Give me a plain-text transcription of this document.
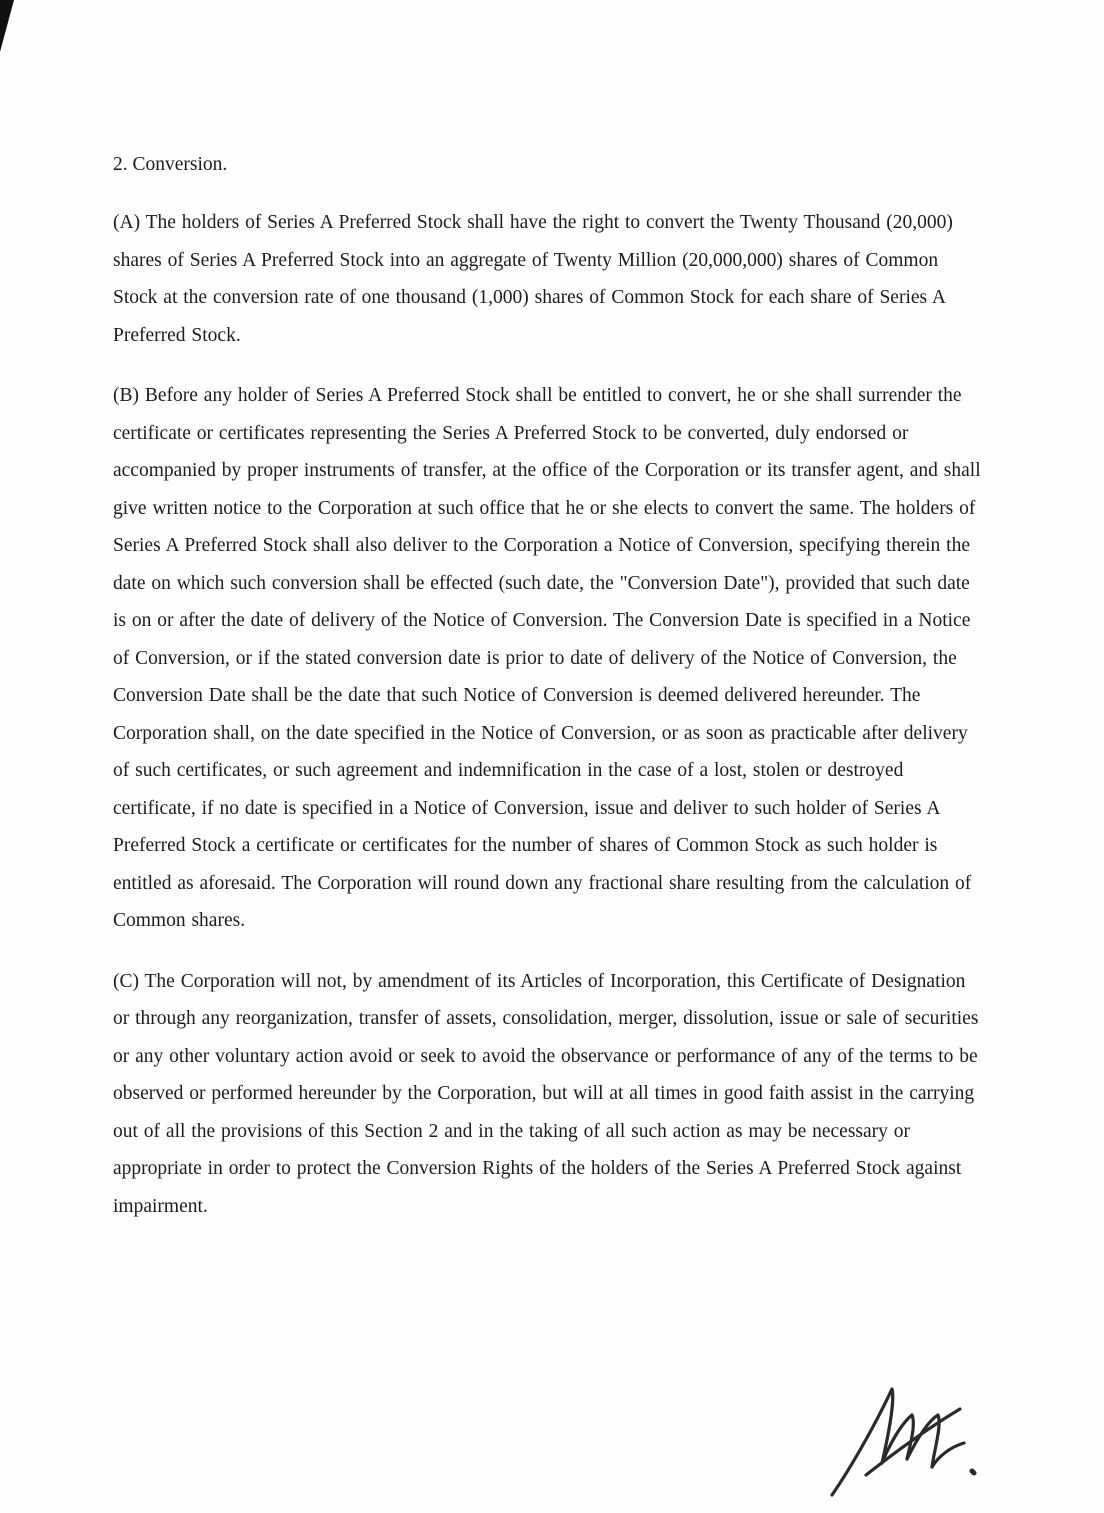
2. Conversion.

(A) The holders of Series A Preferred Stock shall have the right to convert the Twenty Thousand (20,000) shares of Series A Preferred Stock into an aggregate of Twenty Million (20,000,000) shares of Common Stock at the conversion rate of one thousand (1,000) shares of Common Stock for each share of Series A Preferred Stock.

(B) Before any holder of Series A Preferred Stock shall be entitled to convert, he or she shall surrender the certificate or certificates representing the Series A Preferred Stock to be converted, duly endorsed or accompanied by proper instruments of transfer, at the office of the Corporation or its transfer agent, and shall give written notice to the Corporation at such office that he or she elects to convert the same. The holders of Series A Preferred Stock shall also deliver to the Corporation a Notice of Conversion, specifying therein the date on which such conversion shall be effected (such date, the "Conversion Date"), provided that such date is on or after the date of delivery of the Notice of Conversion. The Conversion Date is specified in a Notice of Conversion, or if the stated conversion date is prior to date of delivery of the Notice of Conversion, the Conversion Date shall be the date that such Notice of Conversion is deemed delivered hereunder. The Corporation shall, on the date specified in the Notice of Conversion, or as soon as practicable after delivery of such certificates, or such agreement and indemnification in the case of a lost, stolen or destroyed certificate, if no date is specified in a Notice of Conversion, issue and deliver to such holder of Series A Preferred Stock a certificate or certificates for the number of shares of Common Stock as such holder is entitled as aforesaid. The Corporation will round down any fractional share resulting from the calculation of Common shares.

(C) The Corporation will not, by amendment of its Articles of Incorporation, this Certificate of Designation or through any reorganization, transfer of assets, consolidation, merger, dissolution, issue or sale of securities or any other voluntary action avoid or seek to avoid the observance or performance of any of the terms to be observed or performed hereunder by the Corporation, but will at all times in good faith assist in the carrying out of all the provisions of this Section 2 and in the taking of all such action as may be necessary or appropriate in order to protect the Conversion Rights of the holders of the Series A Preferred Stock against impairment.
